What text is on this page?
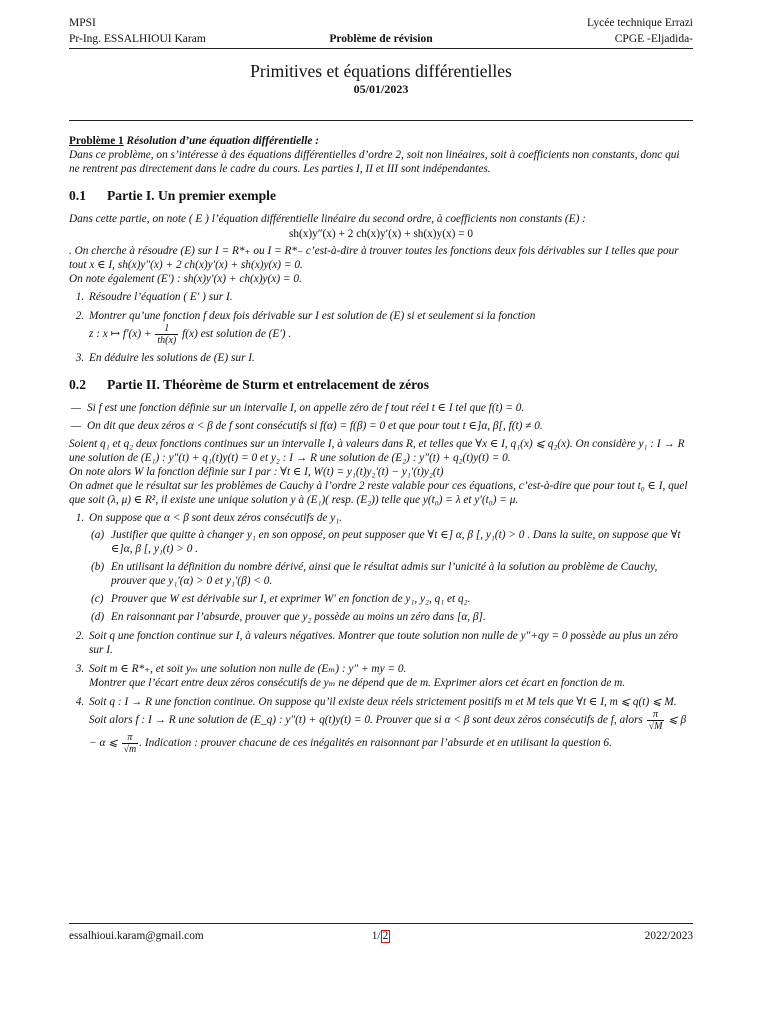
MPSI	Lycée technique Errazi
Pr-Ing. ESSALHIOUI Karam	Problème de révision	CPGE -Eljadida-
Primitives et équations différentielles
05/01/2023

Problème 1 Résolution d’une équation différentielle :

Dans ce problème, on s’intéresse à des équations différentielles d’ordre 2, soit non linéaires, soit à coefficients non constants, donc qui ne rentrent pas directement dans le cadre du cours. Les parties I, II et III sont indépendantes.

0.1 Partie I. Un premier exemple

Dans cette partie, on note ( E ) l’équation différentielle linéaire du second ordre, à coefficients non constants (E) :

sh(x)y″(x) + 2 ch(x)y′(x) + sh(x)y(x) = 0

. On cherche à résoudre (E) sur I = R*₊ ou I = R*₋ c’est-à-dire à trouver toutes les fonctions deux fois dérivables sur I telles que pour tout x ∈ I, sh(x)y″(x) + 2 ch(x)y′(x) + sh(x)y(x) = 0.

On note également (E′) : sh(x)y′(x) + ch(x)y(x) = 0.

1. Résoudre l’équation ( E′ ) sur I.
2. Montrer qu’une fonction f deux fois dérivable sur I est solution de (E) si et seulement si la fonction
z : x ↦ $f'(x) + \frac{1}{th(x)} f(x)$ est solution de (E′) .
3. En déduire les solutions de (E) sur I.
0.2 Partie II. Théorème de Sturm et entrelacement de zéros
— Si f est une fonction définie sur un intervalle I, on appelle zéro de f tout réel t ∈ I tel que f(t) = 0.
— On dit que deux zéros α < β de f sont consécutifs si f(α) = f(β) = 0 et que pour tout t ∈]α, β[, f(t) ≠ 0.

Soient q₁ et q₂ deux fonctions continues sur un intervalle I, à valeurs dans R, et telles que ∀x ∈ I, q₁(x) ⩽ q₂(x). On considère y₁ : I → R une solution de (E₁) : y″(t) + q₁(t)y(t) = 0 et y₂ : I → R une solution de (E₂) : y″(t) + q₂(t)y(t) = 0.

On note alors W la fonction définie sur I par : ∀t ∈ I, W(t) = y₁(t)y₂′(t) − y₁′(t)y₂(t)

On admet que le résultat sur les problèmes de Cauchy à l’ordre 2 reste valable pour ces équations, c’est-à-dire que pour tout t₀ ∈ I, quel que soit (λ, μ) ∈ R², il existe une unique solution y à (E₁)( resp. (E₂)) telle que y(t₀) = λ et y′(t₀) = μ.

1. On suppose que α < β sont deux zéros consécutifs de y₁.
(a) Justifier que quitte à changer y₁ en son opposé, on peut supposer que ∀t ∈] α, β [, y₁(t) > 0 . Dans la suite, on suppose que ∀t ∈]α, β [, y₁(t) > 0 .
(b) En utilisant la définition du nombre dérivé, ainsi que le résultat admis sur l’unicité à la solution au problème de Cauchy, prouver que y₁′(α) > 0 et y₁′(β) < 0.
(c) Prouver que W est dérivable sur I, et exprimer W′ en fonction de y₁, y₂, q₁ et q₂.
(d) En raisonnant par l’absurde, prouver que y₂ possède au moins un zéro dans [α, β].
2. Soit q une fonction continue sur I, à valeurs négatives. Montrer que toute solution non nulle de y″+qy = 0 possède au plus un zéro sur I.
3. Soit m ∈ R*₊, et soit yₘ une solution non nulle de (Eₘ) : y″ + my = 0.
Montrer que l’écart entre deux zéros consécutifs de yₘ ne dépend que de m. Exprimer alors cet écart en fonction de m.
4. Soit q : I → R une fonction continue. On suppose qu’il existe deux réels strictement positifs m et M tels que ∀t ∈ I, m ⩽ q(t) ⩽ M. Soit alors f : I → R une solution de (E_q) : y″(t) + q(t)y(t) = 0. Prouver que si α < β sont deux zéros consécutifs de f, alors $\frac{\pi}{√M}$ ⩽ β − α ⩽ $\frac{\pi}{√m}$ . Indication : prouver chacune de ces inégalités en raisonnant par l’absurde et en utilisant la question 6.
essalhioui.karam@gmail.com	1/ 2	2022/2023
